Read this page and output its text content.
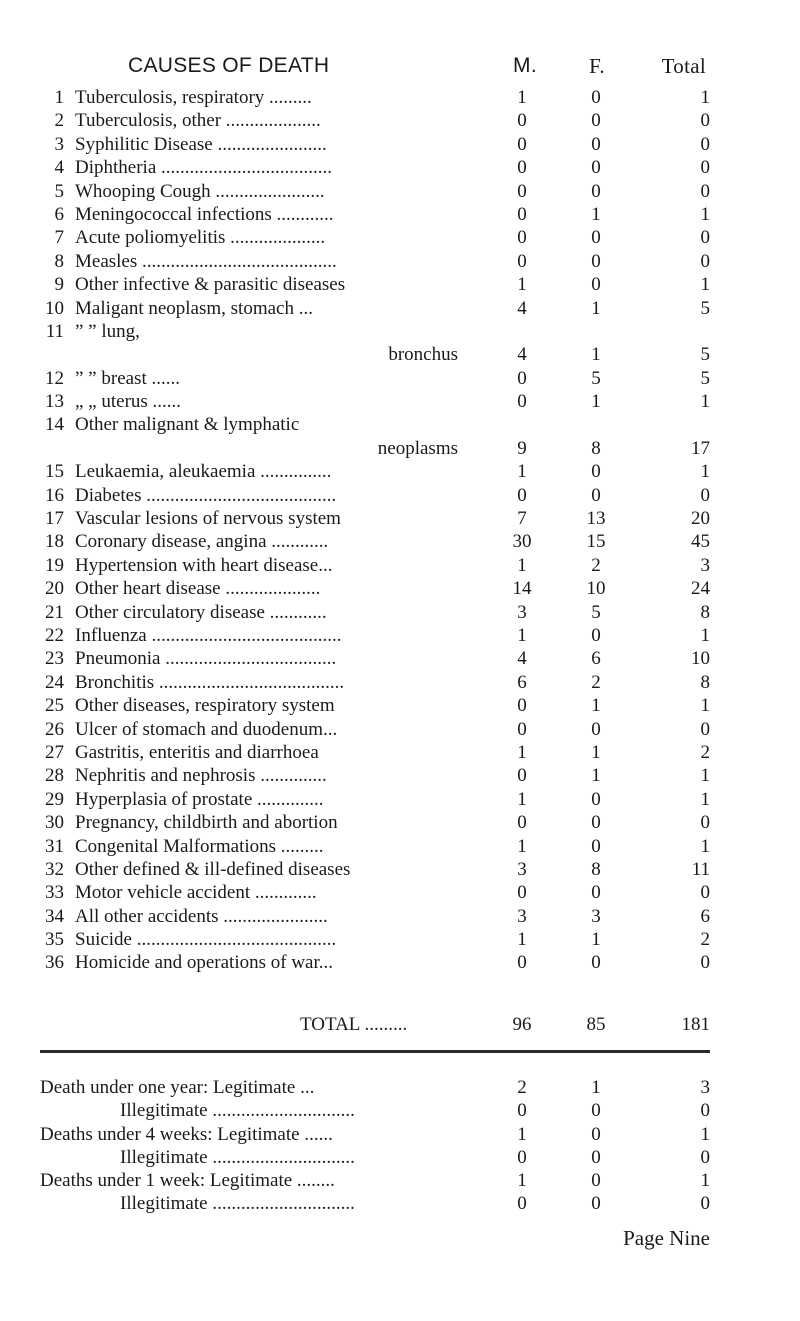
CAUSES OF DEATH	M.	F.	Total
1 Tuberculosis, respiratory .........	1	0	1
2 Tuberculosis, other ....................	0	0	0
3 Syphilitic Disease .......................	0	0	0
4 Diphtheria ....................................	0	0	0
5 Whooping Cough .......................	0	0	0
6 Meningococcal infections ............	0	1	1
7 Acute poliomyelitis ....................	0	0	0
8 Measles .........................................	0	0	0
9 Other infective & parasitic diseases	1	0	1
10 Maligant neoplasm, stomach ...	4	1	5
11 ” ” lung,
bronchus	4	1	5
12 ” ” breast ......	0	5	5
13 „ „ uterus ......	0	1	1
14 Other malignant & lymphatic
neoplasms	9	8	17
15 Leukaemia, aleukaemia ...............	1	0	1
16 Diabetes ........................................	0	0	0
17 Vascular lesions of nervous system	7	13	20
18 Coronary disease, angina ............	30	15	45
19 Hypertension with heart disease...	1	2	3
20 Other heart disease ....................	14	10	24
21 Other circulatory disease ............	3	5	8
22 Influenza ........................................	1	0	1
23 Pneumonia ....................................	4	6	10
24 Bronchitis .......................................	6	2	8
25 Other diseases, respiratory system	0	1	1
26 Ulcer of stomach and duodenum...	0	0	0
27 Gastritis, enteritis and diarrhoea	1	1	2
28 Nephritis and nephrosis ..............	0	1	1
29 Hyperplasia of prostate ..............	1	0	1
30 Pregnancy, childbirth and abortion	0	0	0
31 Congenital Malformations .........	1	0	1
32 Other defined & ill-defined diseases	3	8	11
33 Motor vehicle accident .............	0	0	0
34 All other accidents ......................	3	3	6
35 Suicide ..........................................	1	1	2
36 Homicide and operations of war...	0	0	0
TOTAL .........	96	85	181
Death under one year: Legitimate ...	2	1	3
Illegitimate ..............................	0	0	0
Deaths under 4 weeks: Legitimate ......	1	0	1
Illegitimate ..............................	0	0	0
Deaths under 1 week: Legitimate ........	1	0	1
Illegitimate ..............................	0	0	0
Page Nine
